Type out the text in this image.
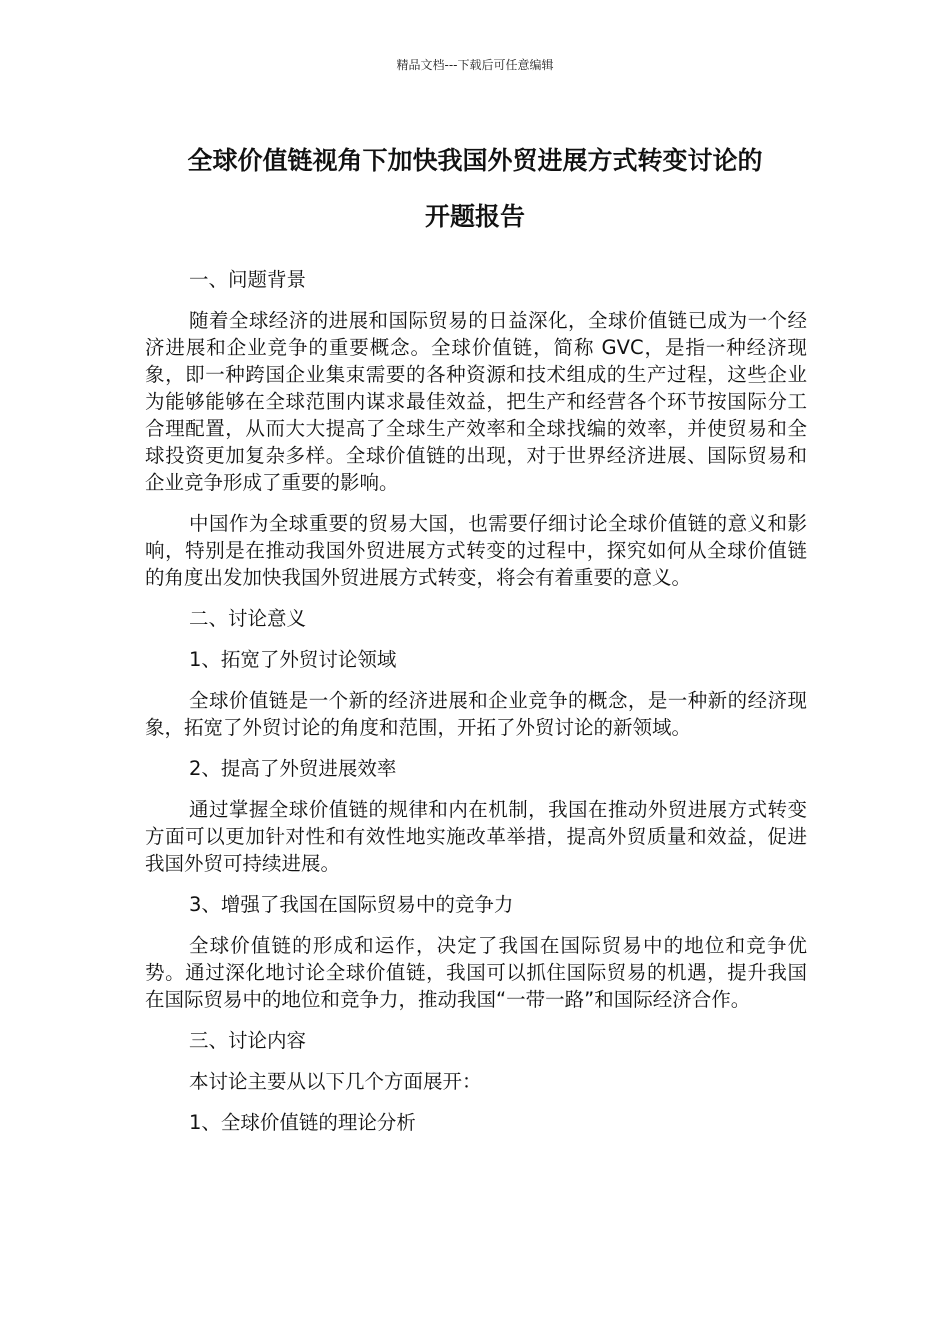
精品文档---下载后可任意编辑
全球价值链视角下加快我国外贸进展方式转变讨论的
开题报告

一、问题背景

随着全球经济的进展和国际贸易的日益深化，全球价值链已成为一个经济进展和企业竞争的重要概念。全球价值链，简称 GVC，是指一种经济现象，即一种跨国企业集束需要的各种资源和技术组成的生产过程，这些企业为能够能够在全球范围内谋求最佳效益，把生产和经营各个环节按国际分工合理配置，从而大大提高了全球生产效率和全球找编的效率，并使贸易和全球投资更加复杂多样。全球价值链的出现，对于世界经济进展、国际贸易和企业竞争形成了重要的影响。

中国作为全球重要的贸易大国，也需要仔细讨论全球价值链的意义和影响，特别是在推动我国外贸进展方式转变的过程中，探究如何从全球价值链的角度出发加快我国外贸进展方式转变，将会有着重要的意义。

二、讨论意义

1、拓宽了外贸讨论领域

全球价值链是一个新的经济进展和企业竞争的概念，是一种新的经济现象，拓宽了外贸讨论的角度和范围，开拓了外贸讨论的新领域。

2、提高了外贸进展效率

通过掌握全球价值链的规律和内在机制，我国在推动外贸进展方式转变方面可以更加针对性和有效性地实施改革举措，提高外贸质量和效益，促进我国外贸可持续进展。

3、增强了我国在国际贸易中的竞争力

全球价值链的形成和运作，决定了我国在国际贸易中的地位和竞争优势。通过深化地讨论全球价值链，我国可以抓住国际贸易的机遇，提升我国在国际贸易中的地位和竞争力，推动我国“一带一路”和国际经济合作。

三、讨论内容

本讨论主要从以下几个方面展开：

1、全球价值链的理论分析
